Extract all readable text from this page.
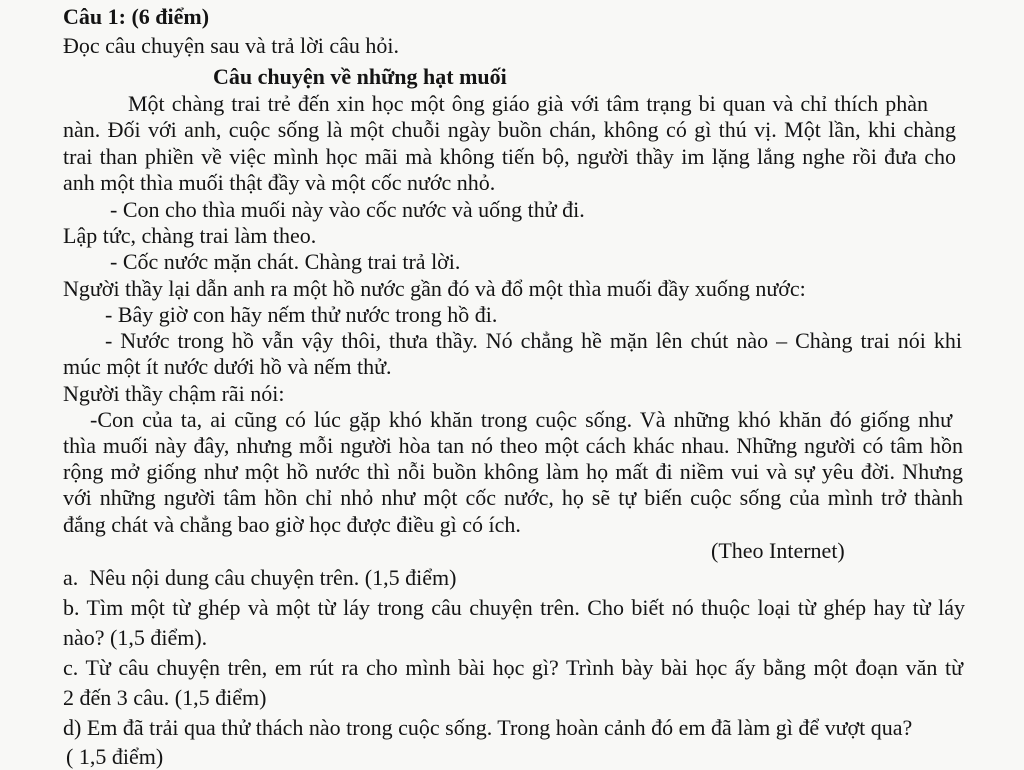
Câu 1: (6 điểm)
Đọc câu chuyện sau và trả lời câu hỏi.
Câu chuyện về những hạt muối
Một chàng trai trẻ đến xin học một ông giáo già với tâm trạng bi quan và chỉ thích phàn
nàn. Đối với anh, cuộc sống là một chuỗi ngày buồn chán, không có gì thú vị. Một lần, khi chàng
trai than phiền về việc mình học mãi mà không tiến bộ, người thầy im lặng lắng nghe rồi đưa cho
anh một thìa muối thật đầy và một cốc nước nhỏ.
- Con cho thìa muối này vào cốc nước và uống thử đi.
Lập tức, chàng trai làm theo.
- Cốc nước mặn chát. Chàng trai trả lời.
Người thầy lại dẫn anh ra một hồ nước gần đó và đổ một thìa muối đầy xuống nước:
- Bây giờ con hãy nếm thử nước trong hồ đi.
- Nước trong hồ vẫn vậy thôi, thưa thầy. Nó chẳng hề mặn lên chút nào – Chàng trai nói khi
múc một ít nước dưới hồ và nếm thử.
Người thầy chậm rãi nói:
-Con của ta, ai cũng có lúc gặp khó khăn trong cuộc sống. Và những khó khăn đó giống như
thìa muối này đây, nhưng mỗi người hòa tan nó theo một cách khác nhau. Những người có tâm hồn
rộng mở giống như một hồ nước thì nỗi buồn không làm họ mất đi niềm vui và sự yêu đời. Nhưng
với những người tâm hồn chỉ nhỏ như một cốc nước, họ sẽ tự biến cuộc sống của mình trở thành
đắng chát và chẳng bao giờ học được điều gì có ích.
(Theo Internet)
a.  Nêu nội dung câu chuyện trên. (1,5 điểm)
b. Tìm một từ ghép và một từ láy trong câu chuyện trên. Cho biết nó thuộc loại từ ghép hay từ láy
nào? (1,5 điểm).
c. Từ câu chuyện trên, em rút ra cho mình bài học gì? Trình bày bài học ấy bằng một đoạn văn từ
2 đến 3 câu. (1,5 điểm)
d) Em đã trải qua thử thách nào trong cuộc sống. Trong hoàn cảnh đó em đã làm gì để vượt qua?
( 1,5 điểm)
